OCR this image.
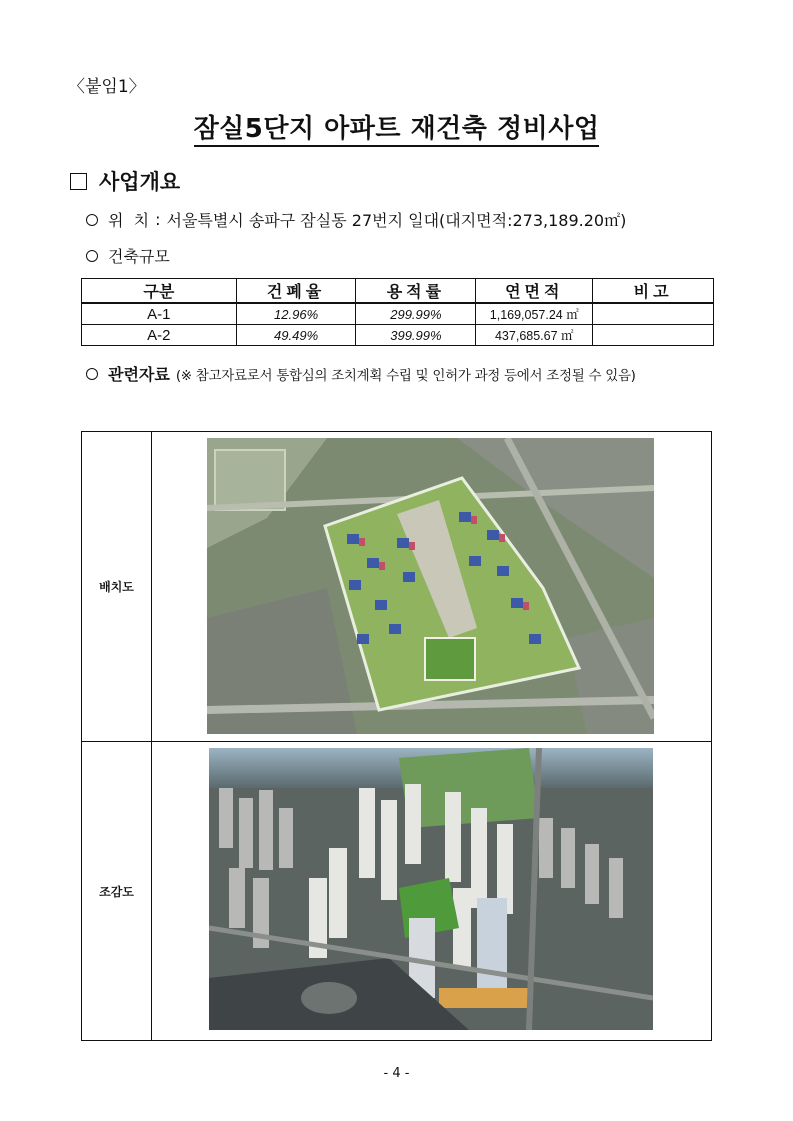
〈붙임1〉
잠실5단지 아파트 재건축 정비사업
사업개요
위  치 : 서울특별시 송파구 잠실동 27번지 일대(대지면적:273,189.20㎡)
건축규모
구분	건폐율	용적률	연면적	비고
A-1	12.96%	299.99%	1,169,057.24 ㎡	
A-2	49.49%	399.99%	437,685.67 ㎡	
관련자료 (※ 참고자료로서 통합심의 조치계획 수립 및 인허가 과정 등에서 조정될 수 있음)
배치도
조감도
- 4 -
